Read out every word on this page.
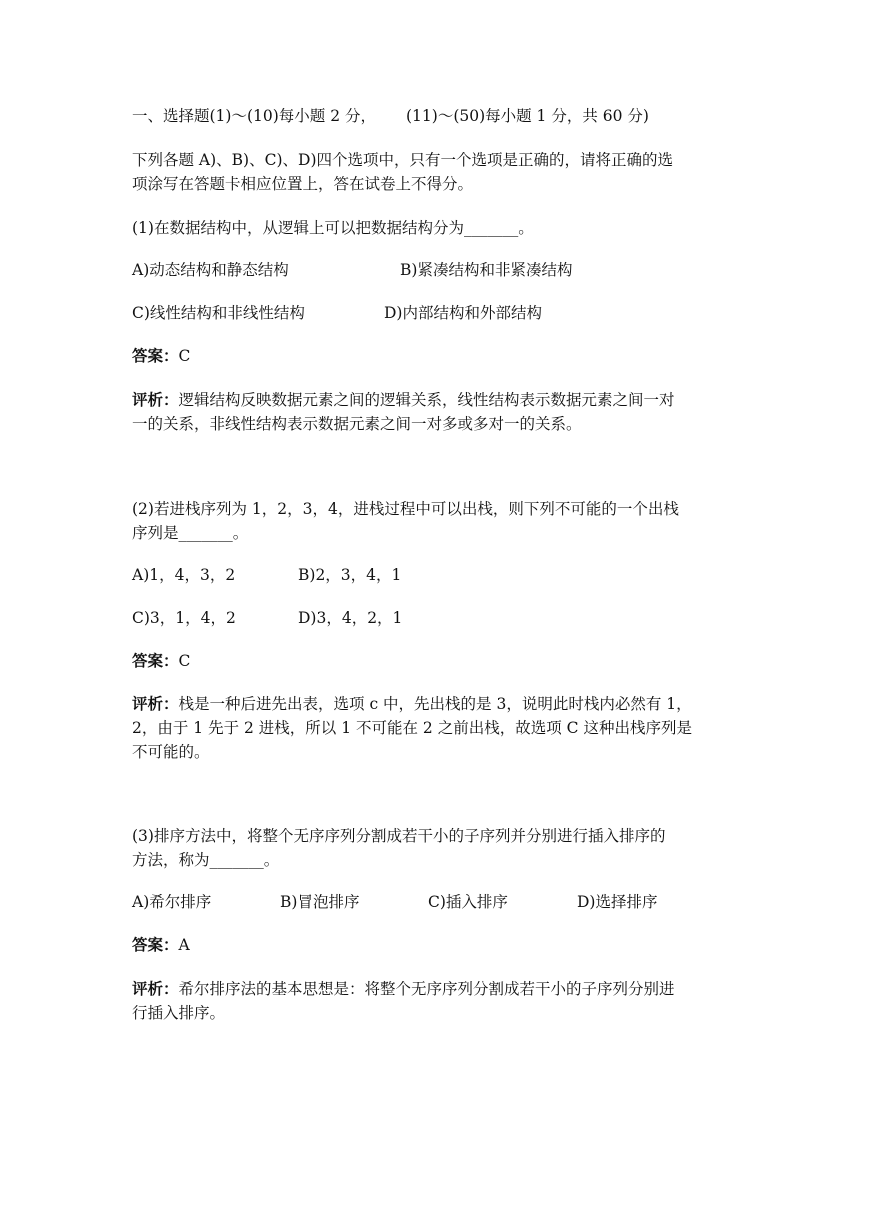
一、选择题(1)～(10)每小题 2 分， (11)～(50)每小题 1 分，共 60 分)
下列各题 A)、B)、C)、D)四个选项中，只有一个选项是正确的，请将正确的选
项涂写在答题卡相应位置上，答在试卷上不得分。
(1)在数据结构中，从逻辑上可以把数据结构分为_______。
A)动态结构和静态结构	B)紧凑结构和非紧凑结构
C)线性结构和非线性结构	D)内部结构和外部结构
答案：C
评析：逻辑结构反映数据元素之间的逻辑关系，线性结构表示数据元素之间一对
一的关系，非线性结构表示数据元素之间一对多或多对一的关系。
(2)若进栈序列为 1，2，3，4，进栈过程中可以出栈，则下列不可能的一个出栈
序列是_______。
A)1，4，3，2	B)2，3，4，1
C)3，1，4，2	D)3，4，2，1
答案：C
评析：栈是一种后进先出表，选项 c 中，先出栈的是 3，说明此时栈内必然有 1，
2，由于 1 先于 2 进栈，所以 1 不可能在 2 之前出栈，故选项 C 这种出栈序列是
不可能的。
(3)排序方法中，将整个无序序列分割成若干小的子序列并分别进行插入排序的
方法，称为_______。
A)希尔排序	B)冒泡排序	C)插入排序	D)选择排序
答案：A
评析：希尔排序法的基本思想是：将整个无序序列分割成若干小的子序列分别进
行插入排序。
